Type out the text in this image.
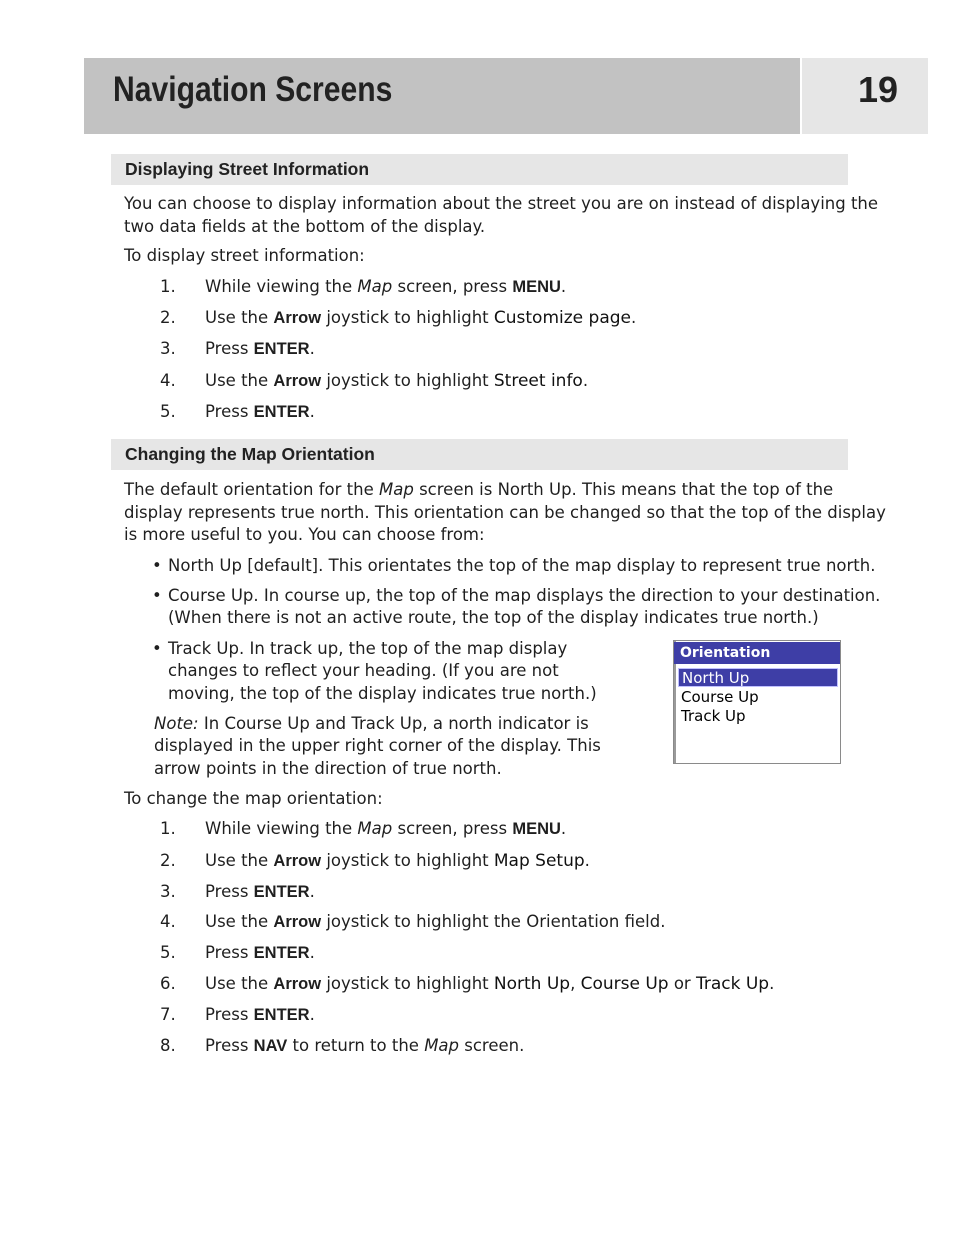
Navigation Screens	19
Displaying Street Information
You can choose to display information about the street you are on instead of displaying the two data fields at the bottom of the display.
To display street information:
1. While viewing the Map screen, press MENU.
2. Use the Arrow joystick to highlight Customize page.
3. Press ENTER.
4. Use the Arrow joystick to highlight Street info.
5. Press ENTER.
Changing the Map Orientation
The default orientation for the Map screen is North Up. This means that the top of the
display represents true north. This orientation can be changed so that the top of the display
is more useful to you. You can choose from:
• North Up [default]. This orientates the top of the map display to represent true north.
• Course Up. In course up, the top of the map displays the direction to your destination.
(When there is not an active route, the top of the display indicates true north.)
• Track Up. In track up, the top of the map display
changes to reflect your heading. (If you are not
moving, the top of the display indicates true north.)
Note: In Course Up and Track Up, a north indicator is
displayed in the upper right corner of the display. This
arrow points in the direction of true north.
Orientation
North Up
Course Up
Track Up
To change the map orientation:
1. While viewing the Map screen, press MENU.
2. Use the Arrow joystick to highlight Map Setup.
3. Press ENTER.
4. Use the Arrow joystick to highlight the Orientation field.
5. Press ENTER.
6. Use the Arrow joystick to highlight North Up, Course Up or Track Up.
7. Press ENTER.
8. Press NAV to return to the Map screen.
